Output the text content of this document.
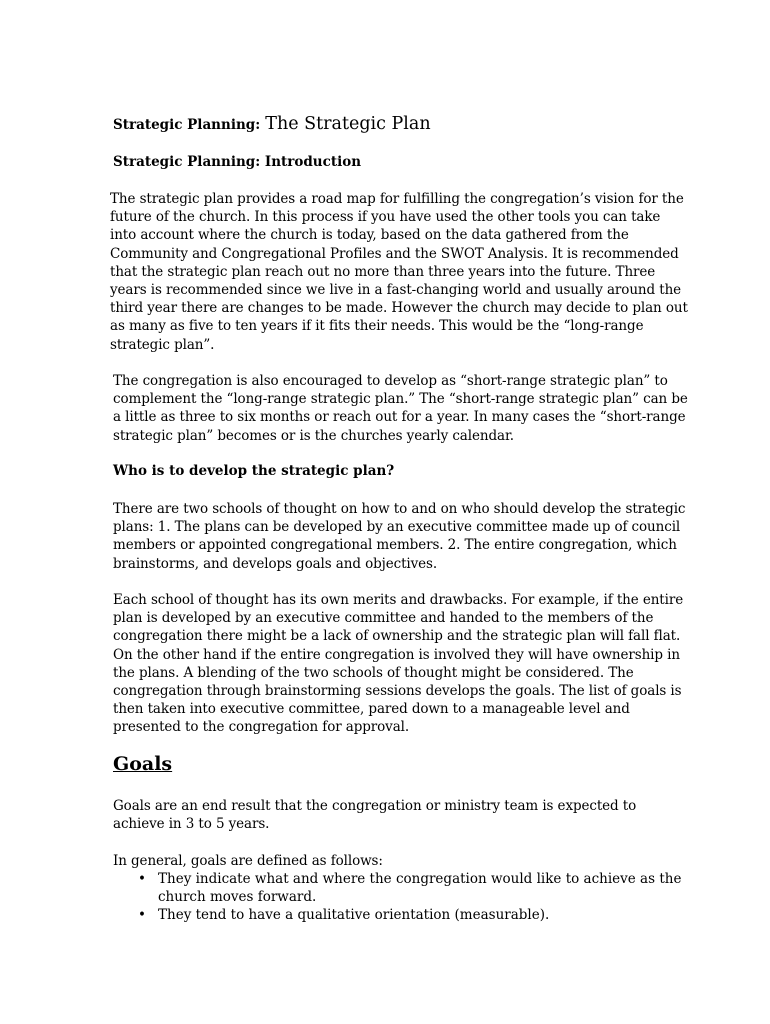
Strategic Planning: The Strategic Plan
Strategic Planning: Introduction
The strategic plan provides a road map for fulfilling the congregation’s vision for the
future of the church. In this process if you have used the other tools you can take
into account where the church is today, based on the data gathered from the
Community and Congregational Profiles and the SWOT Analysis. It is recommended
that the strategic plan reach out no more than three years into the future. Three
years is recommended since we live in a fast-changing world and usually around the
third year there are changes to be made. However the church may decide to plan out
as many as five to ten years if it fits their needs. This would be the “long-range
strategic plan”.
The congregation is also encouraged to develop as “short-range strategic plan” to
complement the “long-range strategic plan.” The “short-range strategic plan” can be
a little as three to six months or reach out for a year. In many cases the “short-range
strategic plan” becomes or is the churches yearly calendar.
Who is to develop the strategic plan?
There are two schools of thought on how to and on who should develop the strategic
plans: 1. The plans can be developed by an executive committee made up of council
members or appointed congregational members. 2. The entire congregation, which
brainstorms, and develops goals and objectives.
Each school of thought has its own merits and drawbacks. For example, if the entire
plan is developed by an executive committee and handed to the members of the
congregation there might be a lack of ownership and the strategic plan will fall flat.
On the other hand if the entire congregation is involved they will have ownership in
the plans. A blending of the two schools of thought might be considered. The
congregation through brainstorming sessions develops the goals. The list of goals is
then taken into executive committee, pared down to a manageable level and
presented to the congregation for approval.
Goals
Goals are an end result that the congregation or ministry team is expected to
achieve in 3 to 5 years.
In general, goals are defined as follows:
• They indicate what and where the congregation would like to achieve as the
church moves forward.
• They tend to have a qualitative orientation (measurable).
